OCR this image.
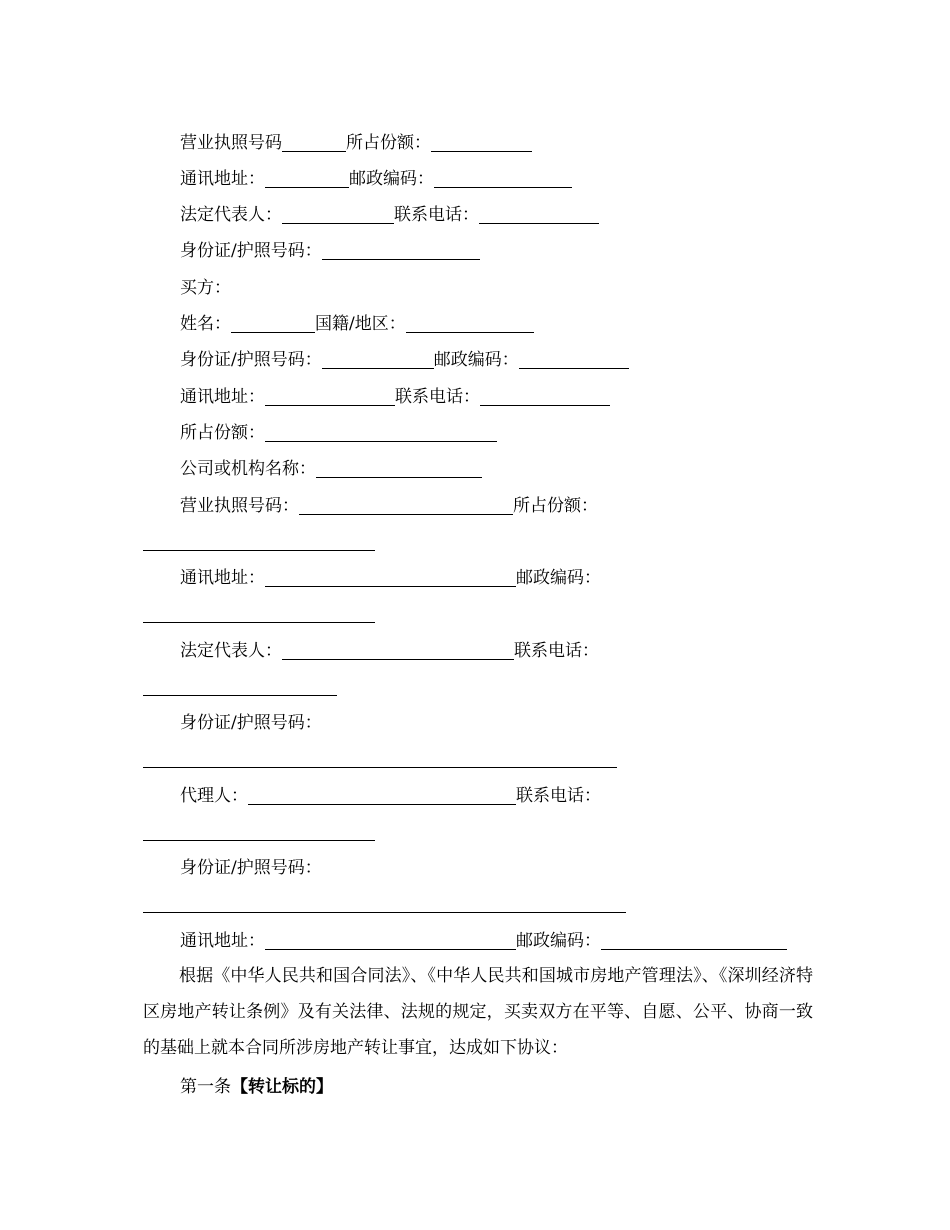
营业执照号码	所占份额：
通讯地址：	邮政编码：
法定代表人：	联系电话：
身份证/护照号码：
买方：
姓名：	国籍/地区：
身份证/护照号码：	邮政编码：
通讯地址：	联系电话：
所占份额：
公司或机构名称：
营业执照号码：	所占份额：
通讯地址：	邮政编码：
法定代表人：	联系电话：
身份证/护照号码：
代理人：	联系电话：
身份证/护照号码：
通讯地址：	邮政编码：
根据《中华人民共和国合同法》、《中华人民共和国城市房地产管理法》、《深圳经济特区房地产转让条例》及有关法律、法规的规定，买卖双方在平等、自愿、公平、协商一致的基础上就本合同所涉房地产转让事宜，达成如下协议：
第一条【转让标的】
